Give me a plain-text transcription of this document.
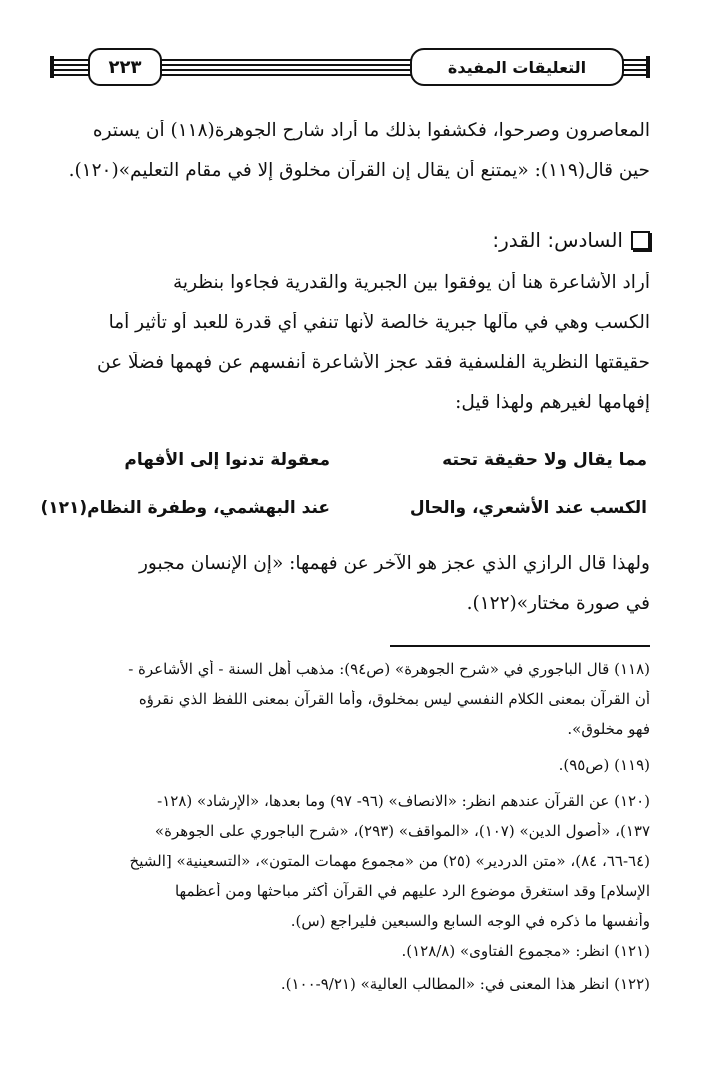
٢٢٣	التعليقات المفيدة
المعاصرون وصرحوا، فكشفوا بذلك ما أراد شارح الجوهرة(١١٨) أن يستره
حين قال(١١٩): «يمتنع أن يقال إن القرآن مخلوق إلا في مقام التعليم»(١٢٠).
السادس: القدر:
أراد الأشاعرة هنا أن يوفقوا بين الجبرية والقدرية فجاءوا بنظرية
الكسب وهي في مآلها جبرية خالصة لأنها تنفي أي قدرة للعبد أو تأثير أما
حقيقتها النظرية الفلسفية فقد عجز الأشاعرة أنفسهم عن فهمها فضلًا عن
إفهامها لغيرهم ولهذا قيل:
مما يقال ولا حقيقة تحته
معقولة تدنوا إلى الأفهام
الكسب عند الأشعري، والحال
عند البهشمي، وطفرة النظام(١٢١)
ولهذا قال الرازي الذي عجز هو الآخر عن فهمها: «إن الإنسان مجبور
في صورة مختار»(١٢٢).
(١١٨) قال الباجوري في «شرح الجوهرة» (ص٩٤): مذهب أهل السنة - أي الأشاعرة -
أن القرآن بمعنى الكلام النفسي ليس بمخلوق، وأما القرآن بمعنى اللفظ الذي نقرؤه
فهو مخلوق».
(١١٩) (ص٩٥).
(١٢٠) عن القرآن عندهم انظر: «الانصاف» (٩٦- ٩٧) وما بعدها، «الإرشاد» (١٢٨-
١٣٧)، «أصول الدين» (١٠٧)، «المواقف» (٢٩٣)، «شرح الباجوري على الجوهرة»
(٦٤-٦٦، ٨٤)، «متن الدردير» (٢٥) من «مجموع مهمات المتون»، «التسعينية» [الشيخ
الإسلام] وقد استغرق موضوع الرد عليهم في القرآن أكثر مباحثها ومن أعظمها
وأنفسها ما ذكره في الوجه السابع والسبعين فليراجع (س).
(١٢١) انظر: «مجموع الفتاوى» (١٢٨/٨).
(١٢٢) انظر هذا المعنى في: «المطالب العالية» (٩/٢١-١٠٠).
